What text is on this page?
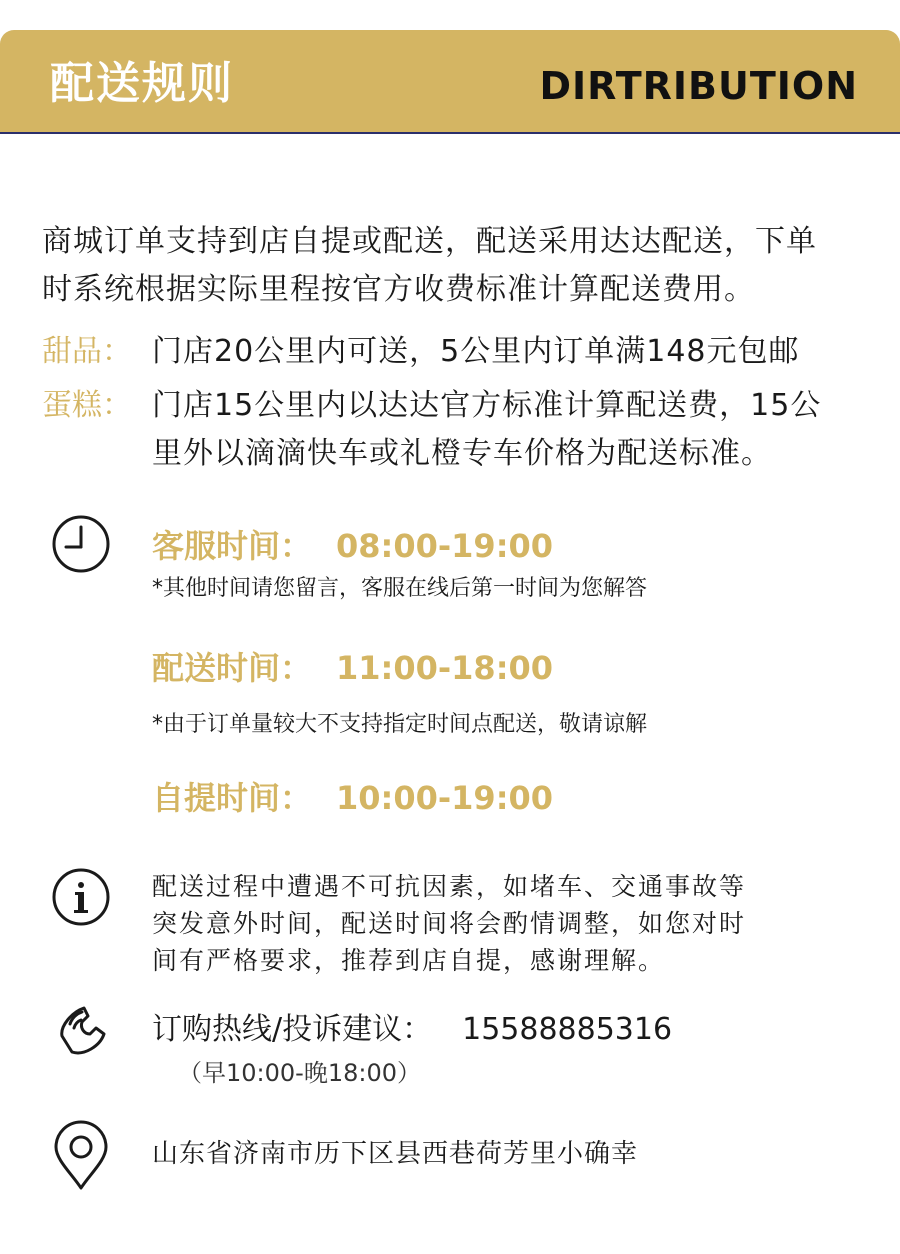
配送规则	DIRTRIBUTION
商城订单支持到店自提或配送，配送采用达达配送，下单
时系统根据实际里程按官方收费标准计算配送费用。
甜品： 门店20公里内可送，5公里内订单满148元包邮
蛋糕： 门店15公里内以达达官方标准计算配送费，15公
里外以滴滴快车或礼橙专车价格为配送标准。
客服时间： 08:00-19:00
*其他时间请您留言，客服在线后第一时间为您解答
配送时间： 11:00-18:00
*由于订单量较大不支持指定时间点配送，敬请谅解
自提时间： 10:00-19:00
配送过程中遭遇不可抗因素，如堵车、交通事故等
突发意外时间，配送时间将会酌情调整，如您对时
间有严格要求，推荐到店自提，感谢理解。
订购热线/投诉建议： 15588885316
（早10:00-晚18:00）
山东省济南市历下区县西巷荷芳里小确幸
